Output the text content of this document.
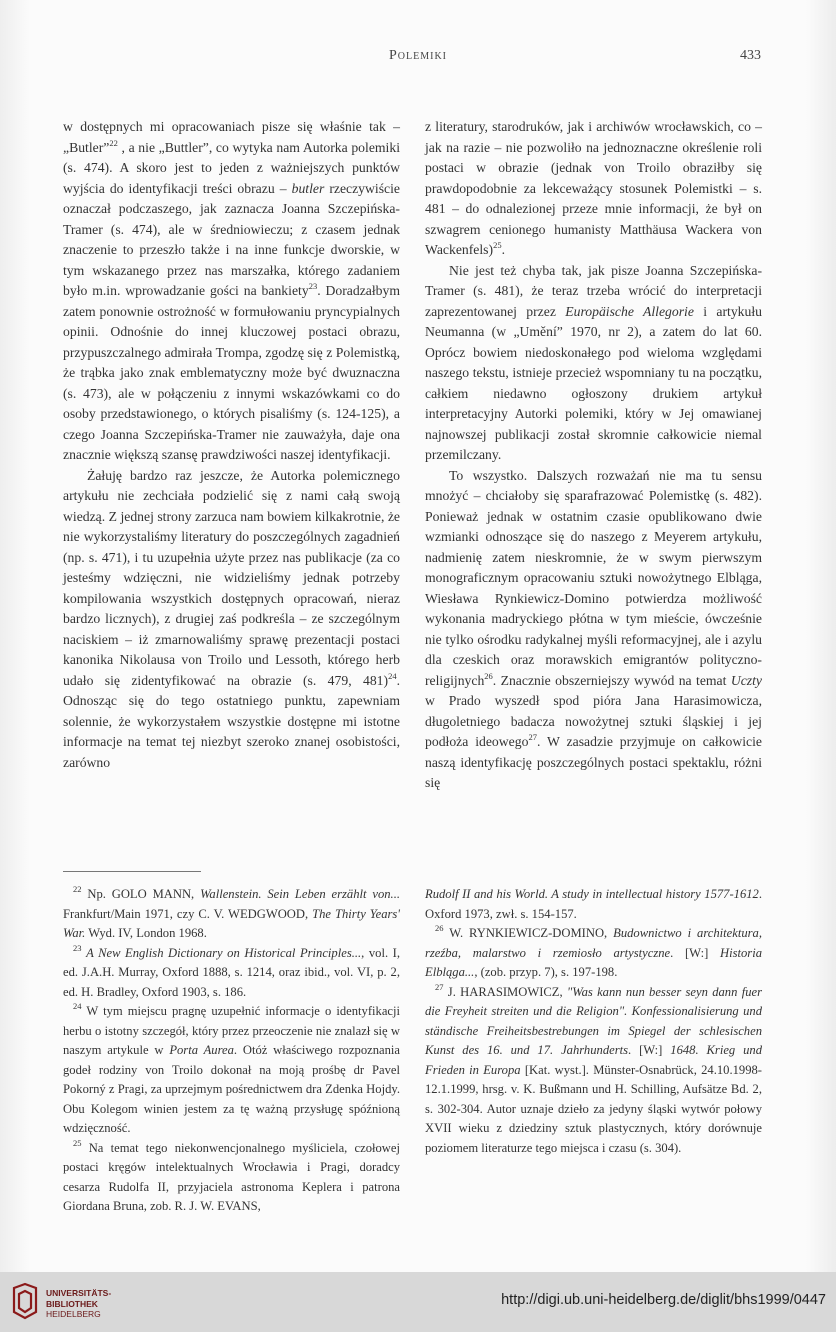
Polemiki	433

w dostępnych mi opracowaniach pisze się właśnie tak – „Butler”$^{22}$ , a nie „Buttler”, co wytyka nam Autorka polemiki (s. 474). A skoro jest to jeden z ważniejszych punktów wyjścia do identyfikacji treści obrazu – butler rzeczywiście oznaczał podczaszego, jak zaznacza Joanna Szczepińska-Tramer (s. 474), ale w średniowieczu; z czasem jednak znaczenie to przeszło także i na inne funkcje dworskie, w tym wskazanego przez nas marszałka, którego zadaniem było m.in. wprowadzanie gości na bankiety$^{23}$. Doradzałbym zatem ponownie ostrożność w formułowaniu pryncypialnych opinii. Odnośnie do innej kluczowej postaci obrazu, przypuszczalnego admirała Trompa, zgodzę się z Polemistką, że trąbka jako znak emblematyczny może być dwuznaczna (s. 473), ale w połączeniu z innymi wskazówkami co do osoby przedstawionego, o których pisaliśmy (s. 124-125), a czego Joanna Szczepińska-Tramer nie zauważyła, daje ona znacznie większą szansę prawdziwości naszej identyfikacji.

Żałuję bardzo raz jeszcze, że Autorka polemicznego artykułu nie zechciała podzielić się z nami całą swoją wiedzą. Z jednej strony zarzuca nam bowiem kilkakrotnie, że nie wykorzystaliśmy literatury do poszczególnych zagadnień (np. s. 471), i tu uzupełnia użyte przez nas publikacje (za co jesteśmy wdzięczni, nie widzieliśmy jednak potrzeby kompilowania wszystkich dostępnych opracowań, nieraz bardzo licznych), z drugiej zaś podkreśla – ze szczególnym naciskiem – iż zmarnowaliśmy sprawę prezentacji postaci kanonika Nikolausa von Troilo und Lessoth, którego herb udało się zidentyfikować na obrazie (s. 479, 481)$^{24}$. Odnosząc się do tego ostatniego punktu, zapewniam solennie, że wykorzystałem wszystkie dostępne mi istotne informacje na temat tej niezbyt szeroko znanej osobistości, zarówno

z literatury, starodruków, jak i archiwów wrocławskich, co – jak na razie – nie pozwoliło na jednoznaczne określenie roli postaci w obrazie (jednak von Troilo obraziłby się prawdopodobnie za lekceważący stosunek Polemistki – s. 481 – do odnalezionej przeze mnie informacji, że był on szwagrem cenionego humanisty Matthäusa Wackera von Wackenfels)$^{25}$.

Nie jest też chyba tak, jak pisze Joanna Szczepińska-Tramer (s. 481), że teraz trzeba wrócić do interpretacji zaprezentowanej przez Europäische Allegorie i artykułu Neumanna (w „Umění” 1970, nr 2), a zatem do lat 60. Oprócz bowiem niedoskonałego pod wieloma względami naszego tekstu, istnieje przecież wspomniany tu na początku, całkiem niedawno ogłoszony drukiem artykuł interpretacyjny Autorki polemiki, który w Jej omawianej najnowszej publikacji został skromnie całkowicie niemal przemilczany.

To wszystko. Dalszych rozważań nie ma tu sensu mnożyć – chciałoby się sparafrazować Polemistkę (s. 482). Ponieważ jednak w ostatnim czasie opublikowano dwie wzmianki odnoszące się do naszego z Meyerem artykułu, nadmienię zatem nieskromnie, że w swym pierwszym monograficznym opracowaniu sztuki nowożytnego Elbląga, Wiesława Rynkiewicz-Domino potwierdza możliwość wykonania madryckiego płótna w tym mieście, ówcześnie nie tylko ośrodku radykalnej myśli reformacyjnej, ale i azylu dla czeskich oraz morawskich emigrantów polityczno-religijnych$^{26}$. Znacznie obszerniejszy wywód na temat Uczty w Prado wyszedł spod pióra Jana Harasimowicza, długoletniego badacza nowożytnej sztuki śląskiej i jej podłoża ideowego$^{27}$. W zasadzie przyjmuje on całkowicie naszą identyfikację poszczególnych postaci spektaklu, różni się

$^{22}$ Np. GOLO MANN, Wallenstein. Sein Leben erzählt von... Frankfurt/Main 1971, czy C. V. WEDGWOOD, The Thirty Years' War. Wyd. IV, London 1968.

$^{23}$ A New English Dictionary on Historical Principles..., vol. I, ed. J.A.H. Murray, Oxford 1888, s. 1214, oraz ibid., vol. VI, p. 2, ed. H. Bradley, Oxford 1903, s. 186.

$^{24}$ W tym miejscu pragnę uzupełnić informacje o identyfikacji herbu o istotny szczegół, który przez przeoczenie nie znalazł się w naszym artykule w Porta Aurea. Otóż właściwego rozpoznania godeł rodziny von Troilo dokonał na moją prośbę dr Pavel Pokorný z Pragi, za uprzejmym pośrednictwem dra Zdenka Hojdy. Obu Kolegom winien jestem za tę ważną przysługę spóźnioną wdzięczność.

$^{25}$ Na temat tego niekonwencjonalnego myśliciela, czołowej postaci kręgów intelektualnych Wrocławia i Pragi, doradcy cesarza Rudolfa II, przyjaciela astronoma Keplera i patrona Giordana Bruna, zob. R. J. W. EVANS,

Rudolf II and his World. A study in intellectual history 1577-1612. Oxford 1973, zwł. s. 154-157.

$^{26}$ W. RYNKIEWICZ-DOMINO, Budownictwo i architektura, rzeźba, malarstwo i rzemiosło artystyczne. [W:] Historia Elbląga..., (zob. przyp. 7), s. 197-198.

$^{27}$ J. HARASIMOWICZ, "Was kann nun besser seyn dann fuer die Freyheit streiten und die Religion". Konfessionalisierung und ständische Freiheitsbestrebungen im Spiegel der schlesischen Kunst des 16. und 17. Jahrhunderts. [W:] 1648. Krieg und Frieden in Europa [Kat. wyst.]. Münster-Osnabrück, 24.10.1998-12.1.1999, hrsg. v. K. Bußmann und H. Schilling, Aufsätze Bd. 2, s. 302-304. Autor uznaje dzieło za jedyny śląski wytwór połowy XVII wieku z dziedziny sztuk plastycznych, który dorównuje poziomem literaturze tego miejsca i czasu (s. 304).

UNIVERSITÄTS-
BIBLIOTHEK
HEIDELBERG
http://digi.ub.uni-heidelberg.de/diglit/bhs1999/0447
